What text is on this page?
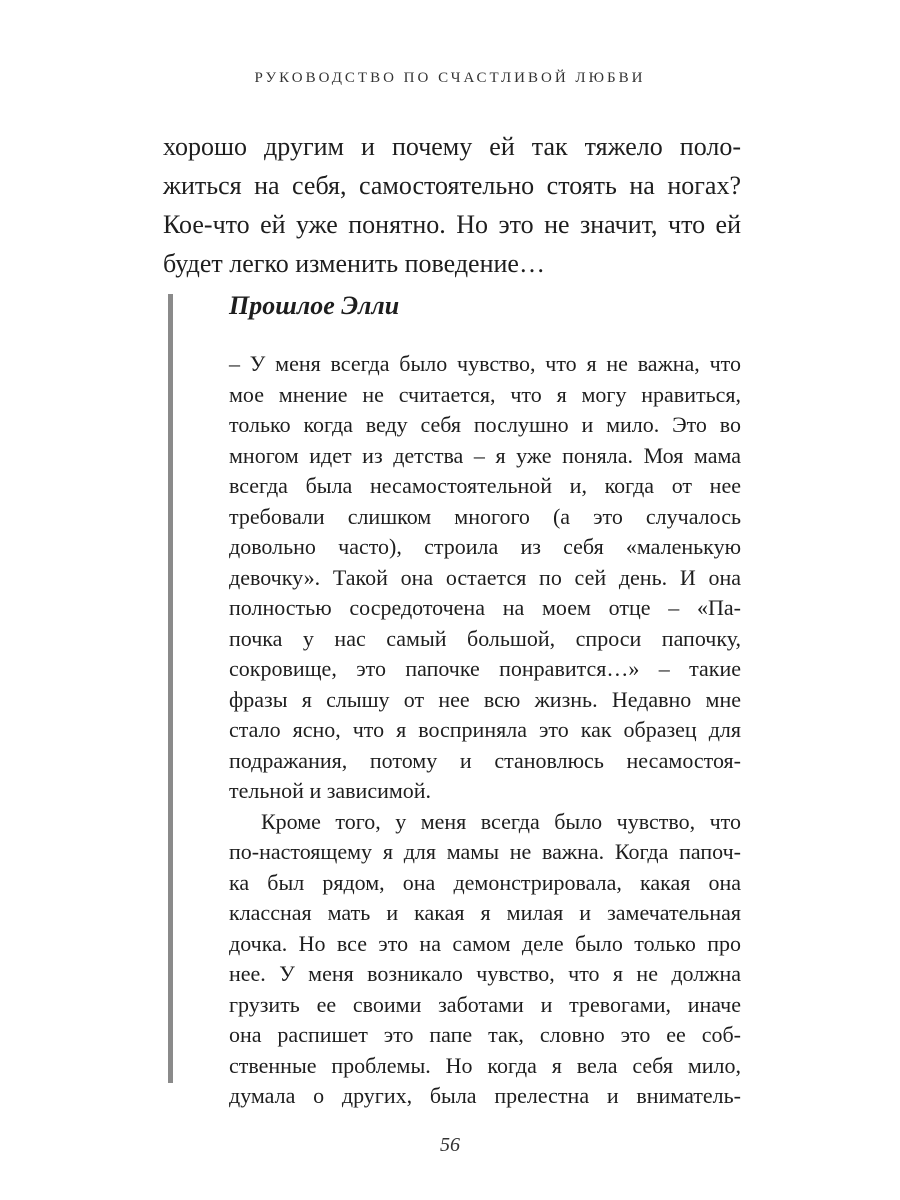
РУКОВОДСТВО ПО СЧАСТЛИВОЙ ЛЮБВИ
хорошо другим и почему ей так тяжело поло-
житься на себя, самостоятельно стоять на ногах?
Кое-что ей уже понятно. Но это не значит, что ей
будет легко изменить поведение…
Прошлое Элли
– У меня всегда было чувство, что я не важна, что
мое мнение не считается, что я могу нравиться,
только когда веду себя послушно и мило. Это во
многом идет из детства – я уже поняла. Моя мама
всегда была несамостоятельной и, когда от нее
требовали слишком многого (а это случалось
довольно часто), строила из себя «маленькую
девочку». Такой она остается по сей день. И она
полностью сосредоточена на моем отце – «Па-
почка у нас самый большой, спроси папочку,
сокровище, это папочке понравится…» – такие
фразы я слышу от нее всю жизнь. Недавно мне
стало ясно, что я восприняла это как образец для
подражания, потому и становлюсь несамостоя-
тельной и зависимой.
Кроме того, у меня всегда было чувство, что
по-настоящему я для мамы не важна. Когда папоч-
ка был рядом, она демонстрировала, какая она
классная мать и какая я милая и замечательная
дочка. Но все это на самом деле было только про
нее. У меня возникало чувство, что я не должна
грузить ее своими заботами и тревогами, иначе
она распишет это папе так, словно это ее соб-
ственные проблемы. Но когда я вела себя мило,
думала о других, была прелестна и вниматель-
56
